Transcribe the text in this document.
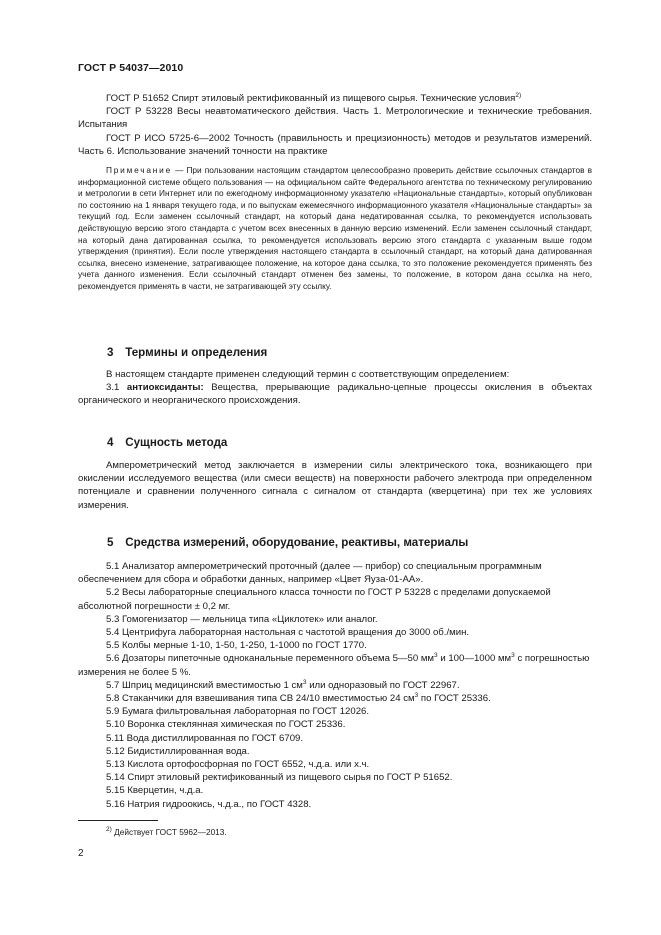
ГОСТ Р 54037—2010

ГОСТ Р 51652 Спирт этиловый ректификованный из пищевого сырья. Технические условия$^{2)}$

ГОСТ Р 53228 Весы неавтоматического действия. Часть 1. Метрологические и технические требования. Испытания

ГОСТ Р ИСО 5725-6—2002 Точность (правильность и прецизионность) методов и результатов измерений. Часть 6. Использование значений точности на практике

Примечание — При пользовании настоящим стандартом целесообразно проверить действие ссылочных стандартов в информационной системе общего пользования — на официальном сайте Федерального агентства по техническому регулированию и метрологии в сети Интернет или по ежегодному информационному указателю «Национальные стандарты», который опубликован по состоянию на 1 января текущего года, и по выпускам ежемесячного информационного указателя «Национальные стандарты» за текущий год. Если заменен ссылочный стандарт, на который дана недатированная ссылка, то рекомендуется использовать действующую версию этого стандарта с учетом всех внесенных в данную версию изменений. Если заменен ссылочный стандарт, на который дана датированная ссылка, то рекомендуется использовать версию этого стандарта с указанным выше годом утверждения (принятия). Если после утверждения настоящего стандарта в ссылочный стандарт, на который дана датированная ссылка, внесено изменение, затрагивающее положение, на которое дана ссылка, то это положение рекомендуется применять без учета данного изменения. Если ссылочный стандарт отменен без замены, то положение, в котором дана ссылка на него, рекомендуется применять в части, не затрагивающей эту ссылку.

3 Термины и определения

В настоящем стандарте применен следующий термин с соответствующим определением:

3.1 антиоксиданты: Вещества, прерывающие радикально-цепные процессы окисления в объектах органического и неорганического происхождения.

4 Сущность метода

Амперометрический метод заключается в измерении силы электрического тока, возникающего при окислении исследуемого вещества (или смеси веществ) на поверхности рабочего электрода при определенном потенциале и сравнении полученного сигнала с сигналом от стандарта (кверцетина) при тех же условиях измерения.

5 Средства измерений, оборудование, реактивы, материалы

5.1 Анализатор амперометрический проточный (далее — прибор) со специальным программным обеспечением для сбора и обработки данных, например «Цвет Яуза-01-АА».

5.2 Весы лабораторные специального класса точности по ГОСТ Р 53228 с пределами допускаемой абсолютной погрешности ± 0,2 мг.

5.3 Гомогенизатор — мельница типа «Циклотек» или аналог.

5.4 Центрифуга лабораторная настольная с частотой вращения до 3000 об./мин.

5.5 Колбы мерные 1-10, 1-50, 1-250, 1-1000 по ГОСТ 1770.

5.6 Дозаторы пипеточные одноканальные переменного объема 5—50 $мм^3$ и 100—1000 $мм^3$ с погрешностью измерения не более 5 %.

5.7 Шприц медицинский вместимостью 1 $см^3$ или одноразовый по ГОСТ 22967.

5.8 Стаканчики для взвешивания типа СВ 24/10 вместимостью 24 $см^3$ по ГОСТ 25336.

5.9 Бумага фильтровальная лабораторная по ГОСТ 12026.

5.10 Воронка стеклянная химическая по ГОСТ 25336.

5.11 Вода дистиллированная по ГОСТ 6709.

5.12 Бидистиллированная вода.

5.13 Кислота ортофосфорная по ГОСТ 6552, ч.д.а. или х.ч.

5.14 Спирт этиловый ректификованный из пищевого сырья по ГОСТ Р 51652.

5.15 Кверцетин, ч.д.а.

5.16 Натрия гидроокись, ч.д.а., по ГОСТ 4328.

$^{2)}$ Действует ГОСТ 5962—2013.
2
